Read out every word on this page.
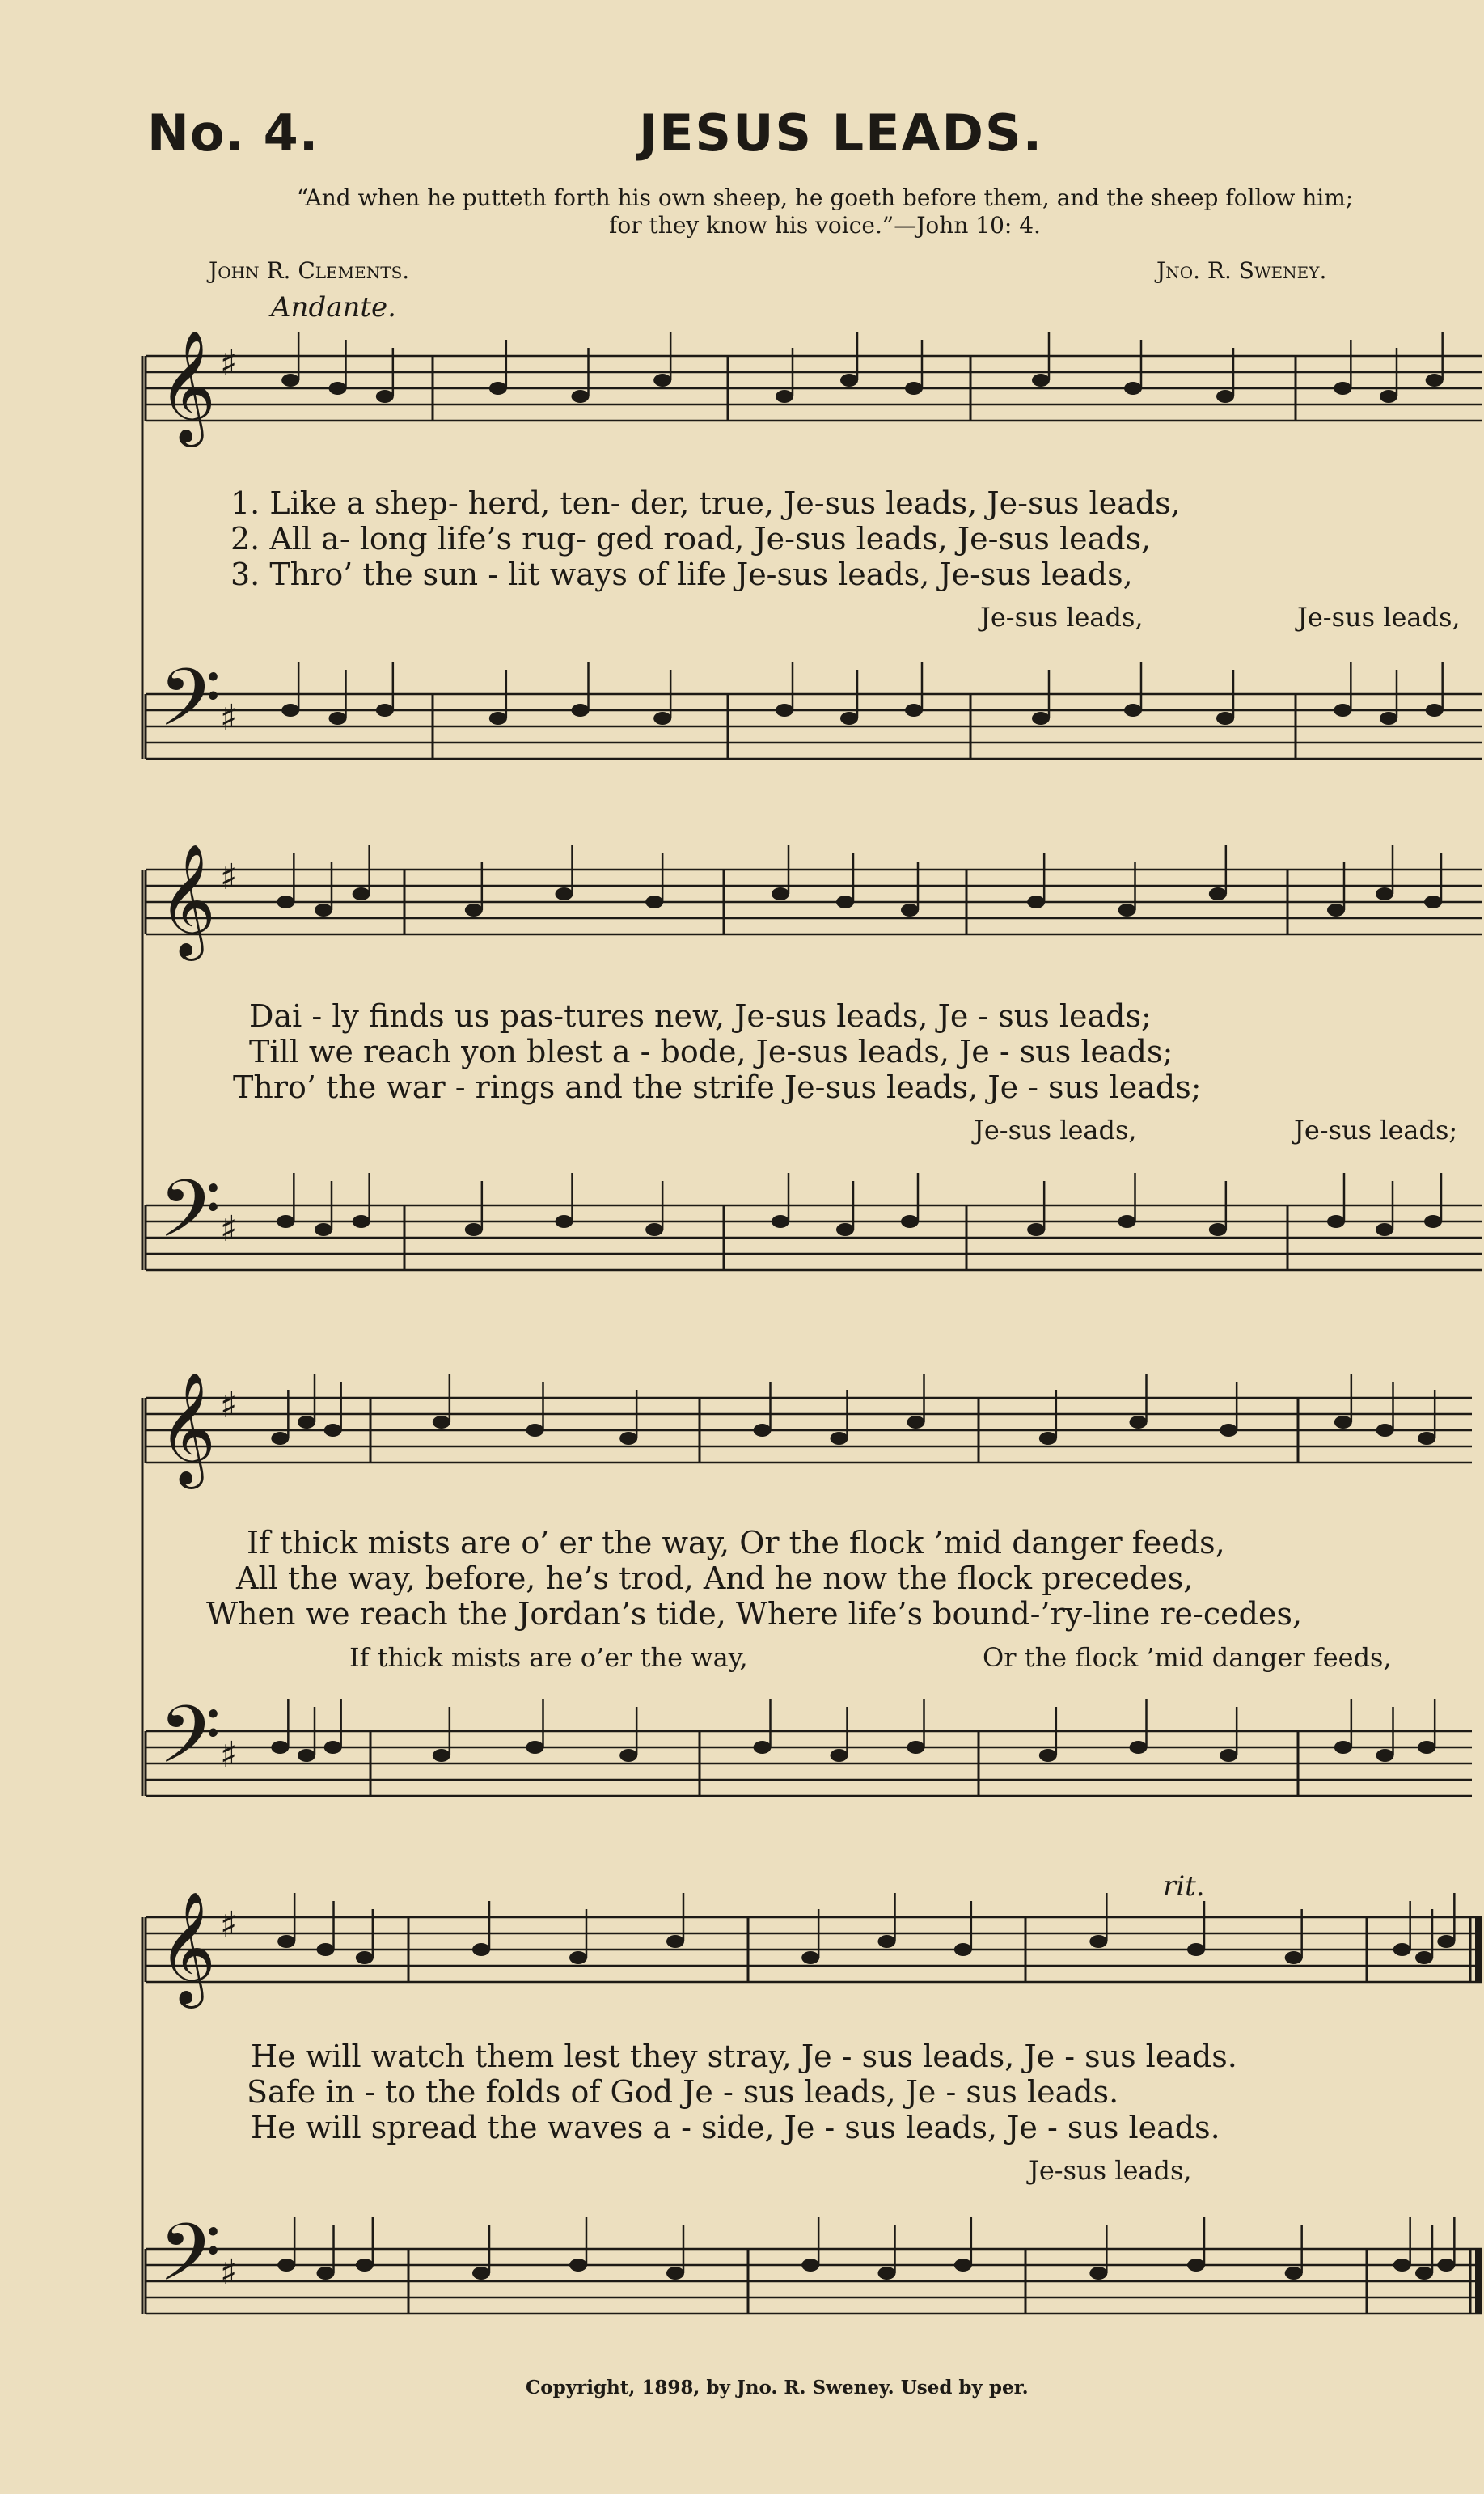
No. 4.	JESUS LEADS.
“And when he putteth forth his own sheep, he goeth before them, and the sheep follow him; for they know his voice.”—John 10: 4.
John R. Clements.	Jno. R. Sweney.
Andante.
𝄞 ♯
𝄢
♯
𝄞 ♯
𝄢
♯
𝄞 ♯
𝄢
♯
𝄞 ♯
𝄢
♯
1. Like a shep- herd, ten- der, true, Je-sus leads, Je-sus leads,
2. All a- long life’s rug- ged road, Je-sus leads, Je-sus leads,
3. Thro’ the sun - lit ways of life Je-sus leads, Je-sus leads,
Je-sus leads,	Je-sus leads,
Dai - ly finds us pas-tures new, Je-sus leads, Je - sus leads;
Till we reach yon blest a - bode, Je-sus leads, Je - sus leads;
Thro’ the war - rings and the strife Je-sus leads, Je - sus leads;
Je-sus leads,	Je-sus leads;
If thick mists are o’ er the way, Or the flock ’mid danger feeds,
All the way, before, he’s trod, And he now the flock precedes,
When we reach the Jordan’s tide, Where life’s bound-’ry-line re-cedes,
If thick mists are o’er the way,	Or the flock ’mid danger feeds,
rit.
He will watch them lest they stray, Je - sus leads, Je - sus leads.
Safe in - to the folds of God Je - sus leads, Je - sus leads.
He will spread the waves a - side, Je - sus leads, Je - sus leads.
Je-sus leads,
Copyright, 1898, by Jno. R. Sweney. Used by per.
